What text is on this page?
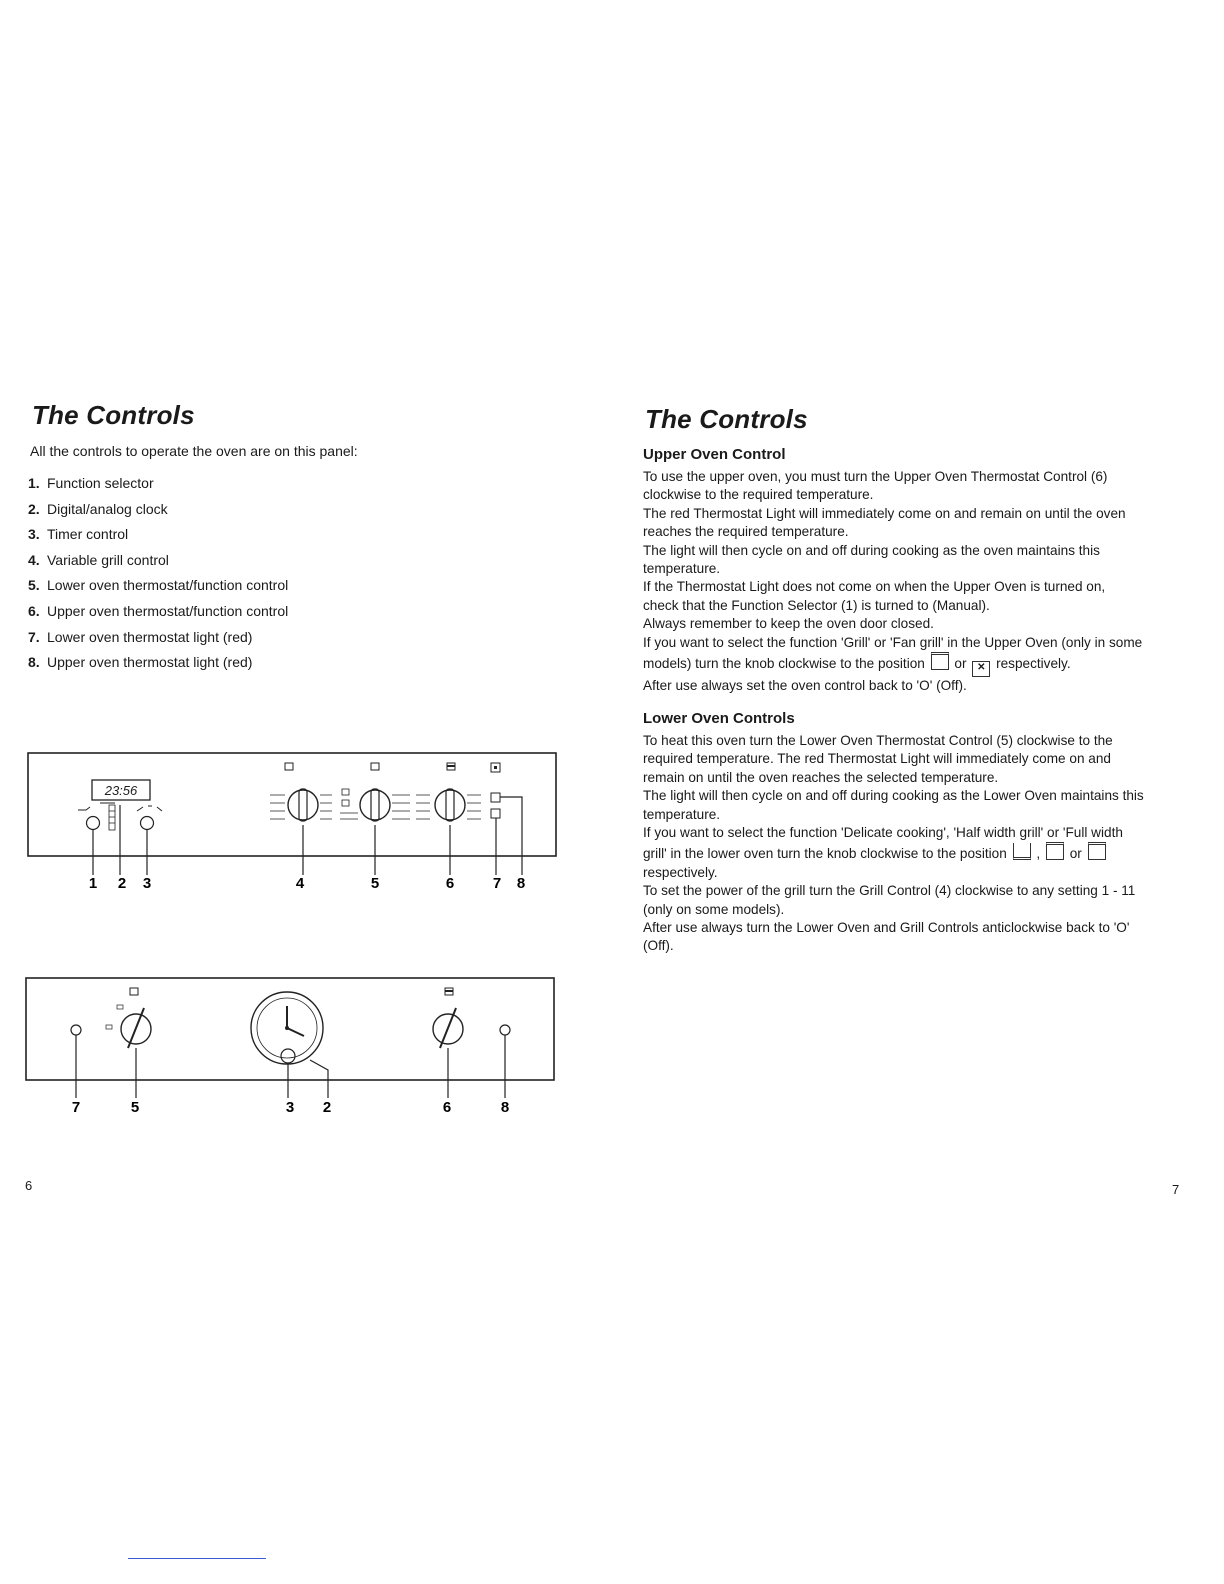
The Controls

All the controls to operate the oven are on this panel:

1. Function selector
2. Digital/analog clock
3. Timer control
4. Variable grill control
5. Lower oven thermostat/function control
6. Upper oven thermostat/function control
7. Lower oven thermostat light (red)
8. Upper oven thermostat light (red)
23:56
1 2 3	4	5	6	7 8
7	5	3 2	6	8
6
The Controls
Upper Oven Control
To use the upper oven, you must turn the Upper Oven Thermostat Control (6)
clockwise to the required temperature.
The red Thermostat Light will immediately come on and remain on until the oven
reaches the required temperature.
The light will then cycle on and off during cooking as the oven maintains this
temperature.
If the Thermostat Light does not come on when the Upper Oven is turned on,
check that the Function Selector (1) is turned to (Manual).
Always remember to keep the oven door closed.
If you want to select the function 'Grill' or 'Fan grill' in the Upper Oven (only in some
models) turn the knob clockwise to the position or ✕ respectively.
After use always set the oven control back to 'O' (Off).
Lower Oven Controls
To heat this oven turn the Lower Oven Thermostat Control (5) clockwise to the
required temperature. The red Thermostat Light will immediately come on and
remain on until the oven reaches the selected temperature.
The light will then cycle on and off during cooking as the Lower Oven maintains this
temperature.
If you want to select the function 'Delicate cooking', 'Half width grill' or 'Full width
grill' in the lower oven turn the knob clockwise to the position , or
respectively.
To set the power of the grill turn the Grill Control (4) clockwise to any setting 1 - 11
(only on some models).
After use always turn the Lower Oven and Grill Controls anticlockwise back to 'O'
(Off).
7
